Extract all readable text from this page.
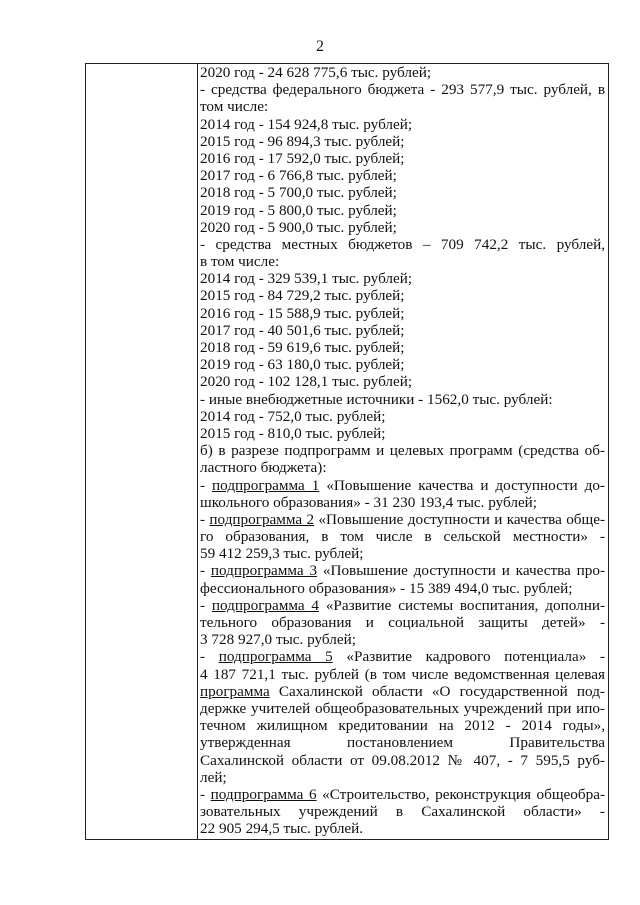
2
2020 год - 24 628 775,6 тыс. рублей;
- средства федерального бюджета - 293 577,9 тыс. рублей, в
том числе:
2014 год - 154 924,8 тыс. рублей;
2015 год - 96 894,3 тыс. рублей;
2016 год - 17 592,0 тыс. рублей;
2017 год - 6 766,8 тыс. рублей;
2018 год - 5 700,0 тыс. рублей;
2019 год - 5 800,0 тыс. рублей;
2020 год - 5 900,0 тыс. рублей;
- средства местных бюджетов – 709 742,2 тыс. рублей,
в том числе:
2014 год - 329 539,1 тыс. рублей;
2015 год - 84 729,2 тыс. рублей;
2016 год - 15 588,9 тыс. рублей;
2017 год - 40 501,6 тыс. рублей;
2018 год - 59 619,6 тыс. рублей;
2019 год - 63 180,0 тыс. рублей;
2020 год - 102 128,1 тыс. рублей;
- иные внебюджетные источники - 1562,0 тыс. рублей:
2014 год - 752,0 тыс. рублей;
2015 год - 810,0 тыс. рублей;
б) в разрезе подпрограмм и целевых программ (средства об-
ластного бюджета):
- подпрограмма 1 «Повышение качества и доступности до-
школьного образования» - 31 230 193,4 тыс. рублей;
- подпрограмма 2 «Повышение доступности и качества обще-
го образования, в том числе в сельской местности» -
59 412 259,3 тыс. рублей;
- подпрограмма 3 «Повышение доступности и качества про-
фессионального образования» - 15 389 494,0 тыс. рублей;
- подпрограмма 4 «Развитие системы воспитания, дополни-
тельного образования и социальной защиты детей» -
3 728 927,0 тыс. рублей;
- подпрограмма 5 «Развитие кадрового потенциала» -
4 187 721,1 тыс. рублей (в том числе ведомственная целевая
программа Сахалинской области «О государственной под-
держке учителей общеобразовательных учреждений при ипо-
течном жилищном кредитовании на 2012 - 2014 годы»,
утвержденная постановлением Правительства
Сахалинской области от 09.08.2012 № 407, - 7 595,5 руб-
лей;
- подпрограмма 6 «Строительство, реконструкция общеобра-
зовательных учреждений в Сахалинской области» -
22 905 294,5 тыс. рублей.
